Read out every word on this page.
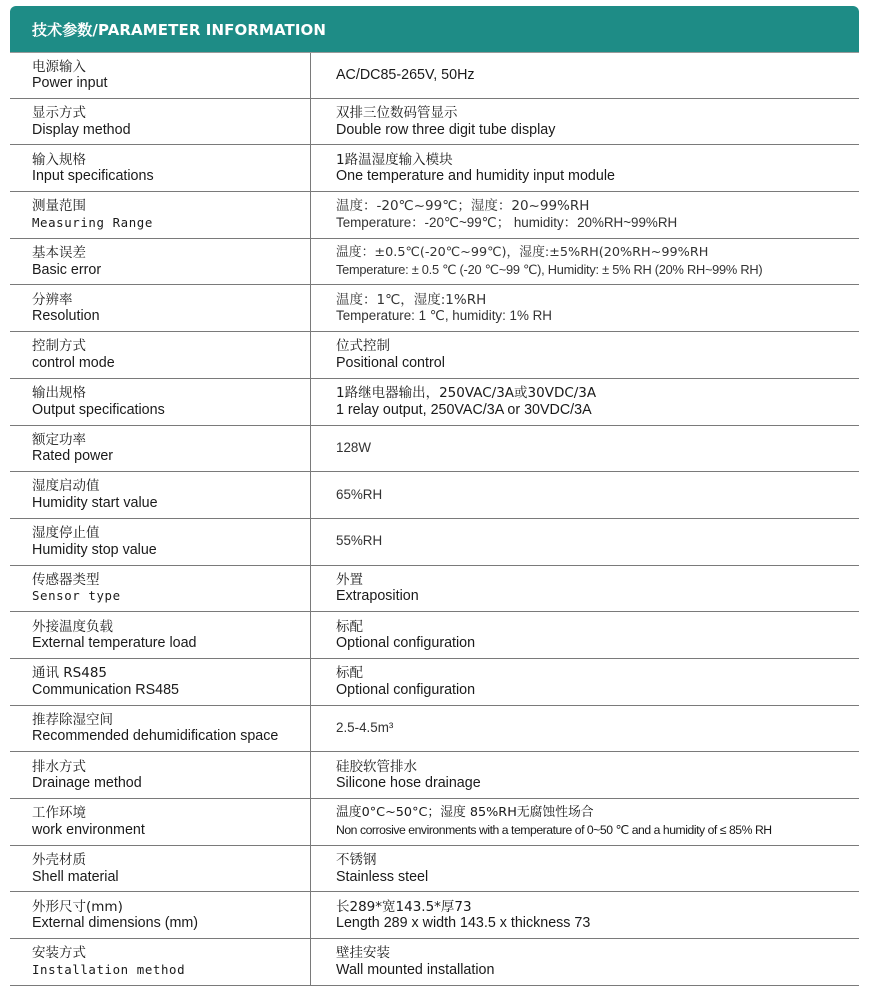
技术参数/PARAMETER INFORMATION
电源输入
Power input
AC/DC85-265V, 50Hz
显示方式
Display method
双排三位数码管显示
Double row three digit tube display
输入规格
Input specifications
1路温湿度输入模块
One temperature and humidity input module
测量范围
Measuring Range
温度：-20℃~99℃；湿度：20~99%RH
Temperature：-20℃~99℃； humidity：20%RH~99%RH
基本误差
Basic error
温度：±0.5℃(-20℃~99℃)，湿度:±5%RH(20%RH~99%RH
Temperature: ± 0.5 ℃ (-20 ℃~99 ℃), Humidity: ± 5% RH (20% RH~99% RH)
分辨率
Resolution
温度：1℃，湿度:1%RH
Temperature: 1 ℃, humidity: 1% RH
控制方式
control mode
位式控制
Positional control
输出规格
Output specifications
1路继电器输出，250VAC/3A或30VDC/3A
1 relay output, 250VAC/3A or 30VDC/3A
额定功率
Rated power
128W
湿度启动值
Humidity start value
65%RH
湿度停止值
Humidity stop value
55%RH
传感器类型
Sensor type
外置
Extraposition
外接温度负载
External temperature load
标配
Optional configuration
通讯 RS485
Communication RS485
标配
Optional configuration
推荐除湿空间
Recommended dehumidification space
2.5-4.5m³
排水方式
Drainage method
硅胶软管排水
Silicone hose drainage
工作环境
work environment
温度0°C~50°C；湿度 85%RH无腐蚀性场合
Non corrosive environments with a temperature of 0~50 ℃ and a humidity of ≤ 85% RH
外壳材质
Shell material
不锈钢
Stainless steel
外形尺寸(mm)
External dimensions (mm)
长289*宽143.5*厚73
Length 289 x width 143.5 x thickness 73
安装方式
Installation method
壁挂安装
Wall mounted installation
